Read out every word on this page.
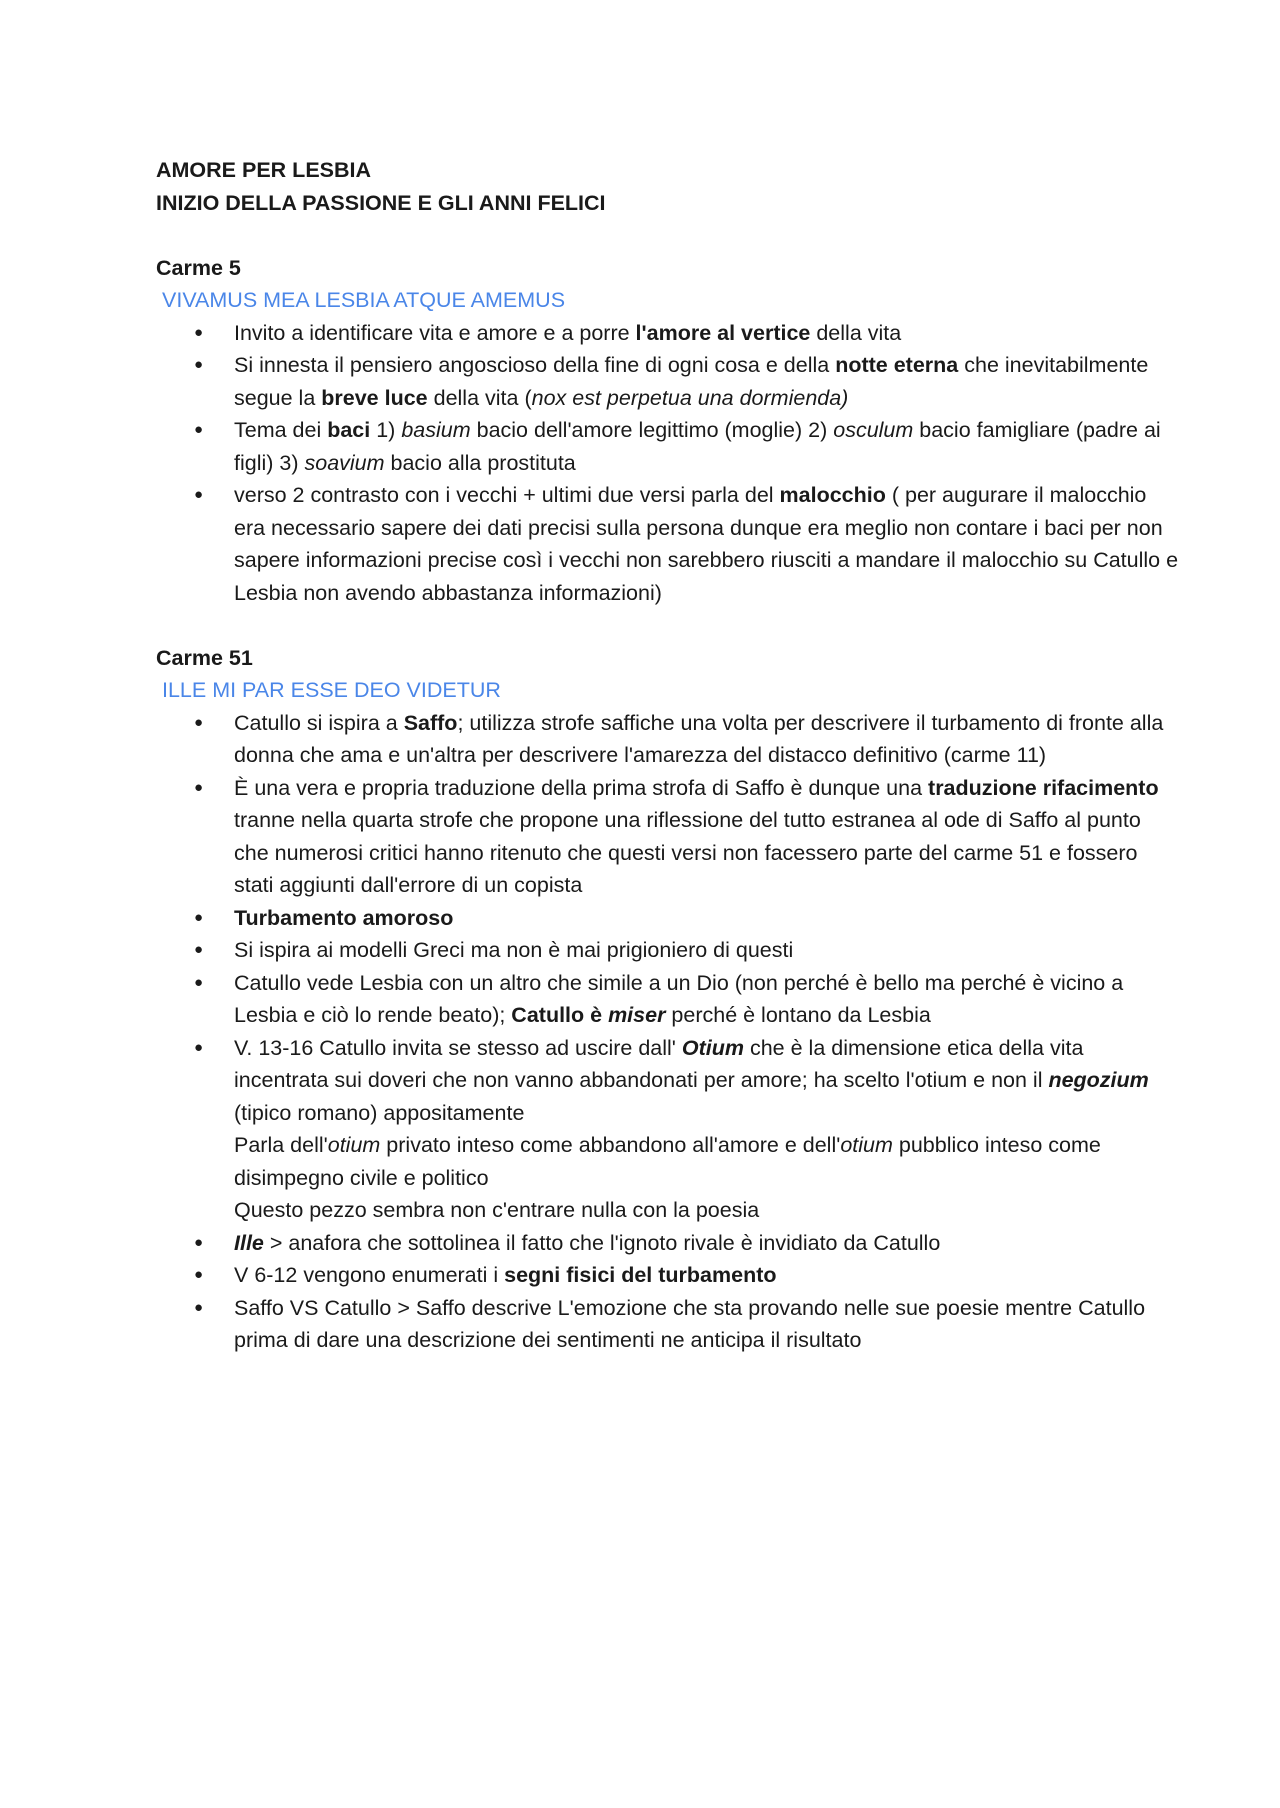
AMORE PER LESBIA

INIZIO DELLA PASSIONE E GLI ANNI FELICI

Carme 5

VIVAMUS MEA LESBIA ATQUE AMEMUS

● Invito a identificare vita e amore e a porre l'amore al vertice della vita
● Si innesta il pensiero angoscioso della fine di ogni cosa e della notte eterna che inevitabilmente segue la breve luce della vita (nox est perpetua una dormienda)
● Tema dei baci 1) basium bacio dell'amore legittimo (moglie) 2) osculum bacio famigliare (padre ai figli) 3) soavium bacio alla prostituta
● verso 2 contrasto con i vecchi + ultimi due versi parla del malocchio ( per augurare il malocchio era necessario sapere dei dati precisi sulla persona dunque era meglio non contare i baci per non sapere informazioni precise così i vecchi non sarebbero riusciti a mandare il malocchio su Catullo e Lesbia non avendo abbastanza informazioni)

Carme 51

ILLE MI PAR ESSE DEO VIDETUR

● Catullo si ispira a Saffo; utilizza strofe saffiche una volta per descrivere il turbamento di fronte alla donna che ama e un'altra per descrivere l'amarezza del distacco definitivo (carme 11)
● È una vera e propria traduzione della prima strofa di Saffo è dunque una traduzione rifacimento tranne nella quarta strofe che propone una riflessione del tutto estranea al ode di Saffo al punto che numerosi critici hanno ritenuto che questi versi non facessero parte del carme 51 e fossero stati aggiunti dall'errore di un copista
● Turbamento amoroso
● Si ispira ai modelli Greci ma non è mai prigioniero di questi
● Catullo vede Lesbia con un altro che simile a un Dio (non perché è bello ma perché è vicino a Lesbia e ciò lo rende beato); Catullo è miser perché è lontano da Lesbia
● V. 13-16 Catullo invita se stesso ad uscire dall' Otium che è la dimensione etica della vita incentrata sui doveri che non vanno abbandonati per amore; ha scelto l'otium e non il negozium (tipico romano) appositamente
Parla dell'otium privato inteso come abbandono all'amore e dell'otium pubblico inteso come disimpegno civile e politico
Questo pezzo sembra non c'entrare nulla con la poesia
● Ille > anafora che sottolinea il fatto che l'ignoto rivale è invidiato da Catullo
● V 6-12 vengono enumerati i segni fisici del turbamento
● Saffo VS Catullo > Saffo descrive L'emozione che sta provando nelle sue poesie mentre Catullo prima di dare una descrizione dei sentimenti ne anticipa il risultato
